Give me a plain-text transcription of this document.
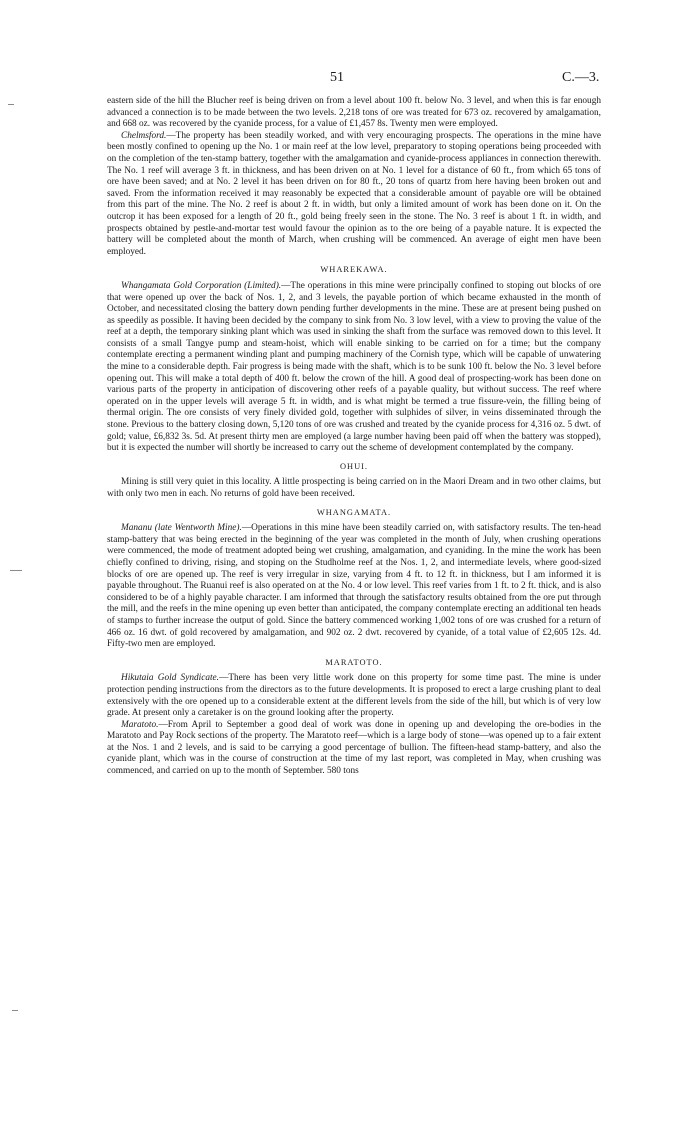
51	C.—3.

eastern side of the hill the Blucher reef is being driven on from a level about 100 ft. below No. 3 level, and when this is far enough advanced a connection is to be made between the two levels. 2,218 tons of ore was treated for 673 oz. recovered by amalgamation, and 668 oz. was recovered by the cyanide process, for a value of £1,457 8s. Twenty men were employed.

Chelmsford.—The property has been steadily worked, and with very encouraging prospects. The operations in the mine have been mostly confined to opening up the No. 1 or main reef at the low level, preparatory to stoping operations being proceeded with on the completion of the ten-stamp battery, together with the amalgamation and cyanide-process appliances in connection therewith. The No. 1 reef will average 3 ft. in thickness, and has been driven on at No. 1 level for a distance of 60 ft., from which 65 tons of ore have been saved; and at No. 2 level it has been driven on for 80 ft., 20 tons of quartz from here having been broken out and saved. From the information received it may reasonably be expected that a considerable amount of payable ore will be obtained from this part of the mine. The No. 2 reef is about 2 ft. in width, but only a limited amount of work has been done on it. On the outcrop it has been exposed for a length of 20 ft., gold being freely seen in the stone. The No. 3 reef is about 1 ft. in width, and prospects obtained by pestle-and-mortar test would favour the opinion as to the ore being of a payable nature. It is expected the battery will be completed about the month of March, when crushing will be commenced. An average of eight men have been employed.

WHAREKAWA.

Whangamata Gold Corporation (Limited).—The operations in this mine were principally confined to stoping out blocks of ore that were opened up over the back of Nos. 1, 2, and 3 levels, the payable portion of which became exhausted in the month of October, and necessitated closing the battery down pending further developments in the mine. These are at present being pushed on as speedily as possible. It having been decided by the company to sink from No. 3 low level, with a view to proving the value of the reef at a depth, the temporary sinking plant which was used in sinking the shaft from the surface was removed down to this level. It consists of a small Tangye pump and steam-hoist, which will enable sinking to be carried on for a time; but the company contemplate erecting a permanent winding plant and pumping machinery of the Cornish type, which will be capable of unwatering the mine to a considerable depth. Fair progress is being made with the shaft, which is to be sunk 100 ft. below the No. 3 level before opening out. This will make a total depth of 400 ft. below the crown of the hill. A good deal of prospecting-work has been done on various parts of the property in anticipation of discovering other reefs of a payable quality, but without success. The reef where operated on in the upper levels will average 5 ft. in width, and is what might be termed a true fissure-vein, the filling being of thermal origin. The ore consists of very finely divided gold, together with sulphides of silver, in veins disseminated through the stone. Previous to the battery closing down, 5,120 tons of ore was crushed and treated by the cyanide process for 4,316 oz. 5 dwt. of gold; value, £6,832 3s. 5d. At present thirty men are employed (a large number having been paid off when the battery was stopped), but it is expected the number will shortly be increased to carry out the scheme of development contemplated by the company.

OHUI.

Mining is still very quiet in this locality. A little prospecting is being carried on in the Maori Dream and in two other claims, but with only two men in each. No returns of gold have been received.

WHANGAMATA.

Mananu (late Wentworth Mine).—Operations in this mine have been steadily carried on, with satisfactory results. The ten-head stamp-battery that was being erected in the beginning of the year was completed in the month of July, when crushing operations were commenced, the mode of treatment adopted being wet crushing, amalgamation, and cyaniding. In the mine the work has been chiefly confined to driving, rising, and stoping on the Studholme reef at the Nos. 1, 2, and intermediate levels, where good-sized blocks of ore are opened up. The reef is very irregular in size, varying from 4 ft. to 12 ft. in thickness, but I am informed it is payable throughout. The Ruanui reef is also operated on at the No. 4 or low level. This reef varies from 1 ft. to 2 ft. thick, and is also considered to be of a highly payable character. I am informed that through the satisfactory results obtained from the ore put through the mill, and the reefs in the mine opening up even better than anticipated, the company contemplate erecting an additional ten heads of stamps to further increase the output of gold. Since the battery commenced working 1,002 tons of ore was crushed for a return of 466 oz. 16 dwt. of gold recovered by amalgamation, and 902 oz. 2 dwt. recovered by cyanide, of a total value of £2,605 12s. 4d. Fifty-two men are employed.

MARATOTO.

Hikutaia Gold Syndicate.—There has been very little work done on this property for some time past. The mine is under protection pending instructions from the directors as to the future developments. It is proposed to erect a large crushing plant to deal extensively with the ore opened up to a considerable extent at the different levels from the side of the hill, but which is of very low grade. At present only a caretaker is on the ground looking after the property.

Maratoto.—From April to September a good deal of work was done in opening up and developing the ore-bodies in the Maratoto and Pay Rock sections of the property. The Maratoto reef—which is a large body of stone—was opened up to a fair extent at the Nos. 1 and 2 levels, and is said to be carrying a good percentage of bullion. The fifteen-head stamp-battery, and also the cyanide plant, which was in the course of construction at the time of my last report, was completed in May, when crushing was commenced, and carried on up to the month of September. 580 tons
